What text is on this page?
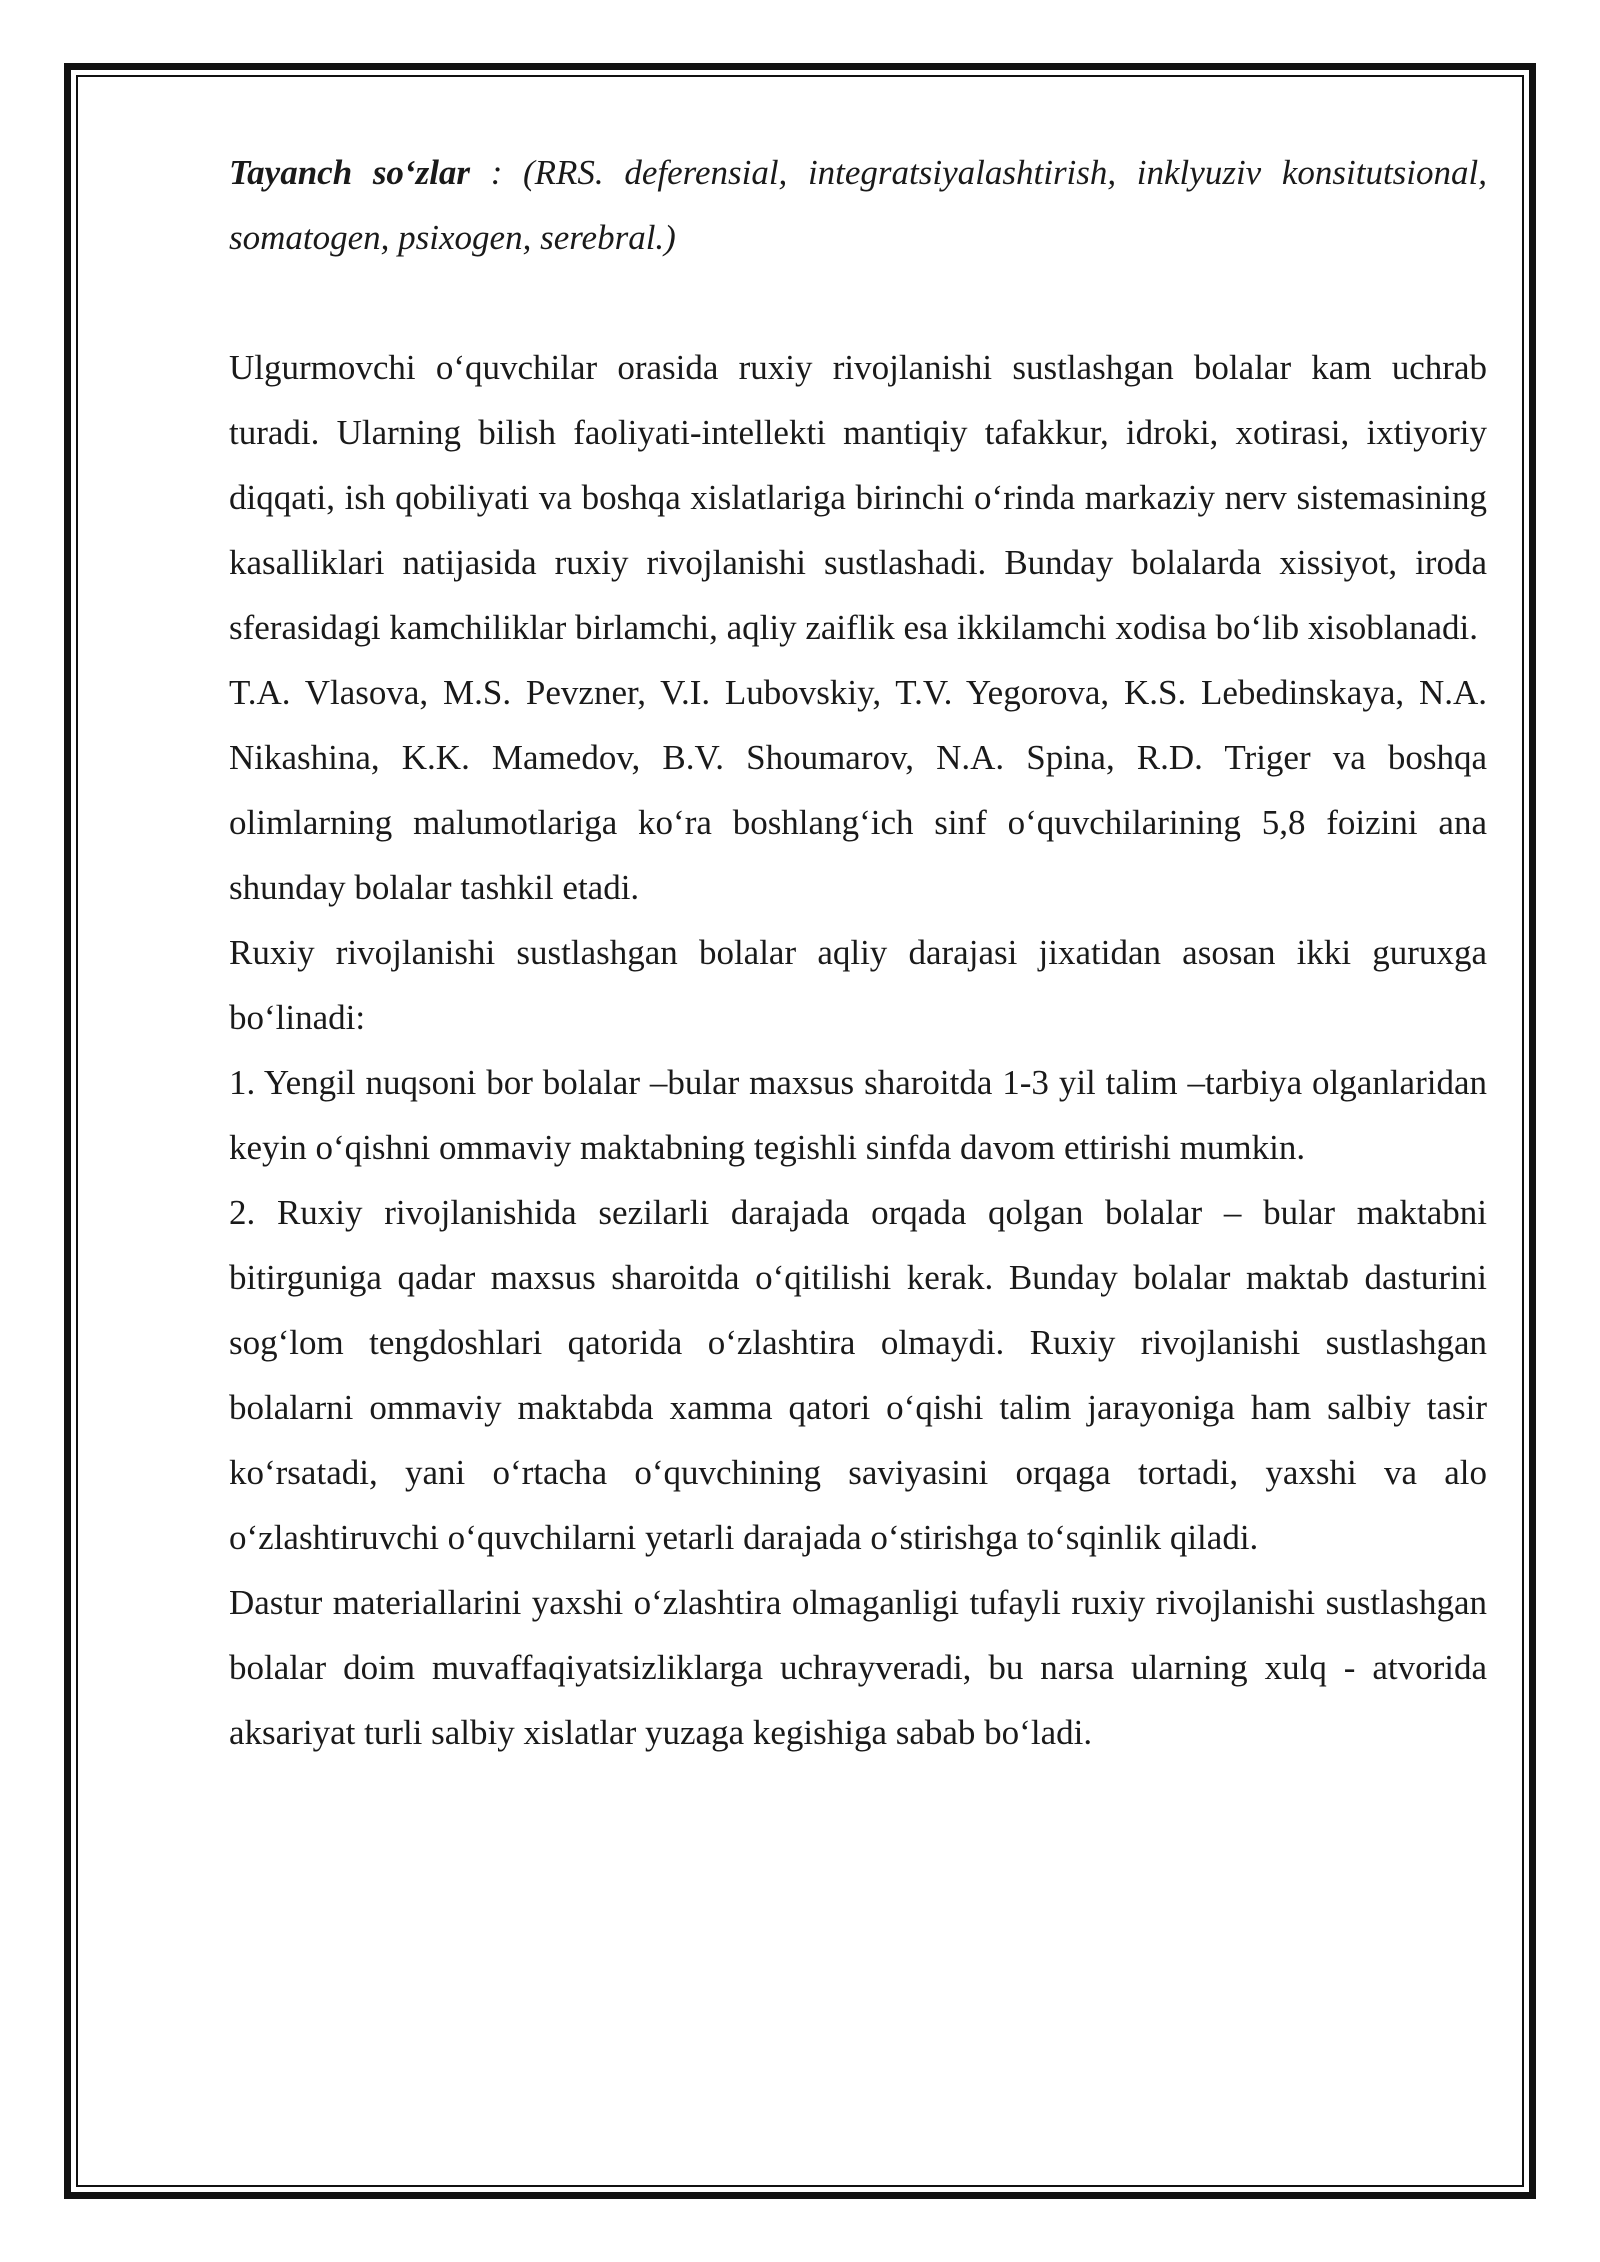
Tayanch so‘zlar : (RRS. deferensial, integratsiyalashtirish, inklyuziv konsitutsional, somatogen, psixogen, serebral.)

Ulgurmovchi o‘quvchilar orasida ruxiy rivojlanishi sustlashgan bolalar kam uchrab turadi. Ularning bilish faoliyati-intellekti mantiqiy tafakkur, idroki, xotirasi, ixtiyoriy diqqati, ish qobiliyati va boshqa xislatlariga birinchi o‘rinda markaziy nerv sistemasining kasalliklari natijasida ruxiy rivojlanishi sustlashadi. Bunday bolalarda xissiyot, iroda sferasidagi kamchiliklar birlamchi, aqliy zaiflik esa ikkilamchi xodisa bo‘lib xisoblanadi.

T.A. Vlasova, M.S. Pevzner, V.I. Lubovskiy, T.V. Yegorova, K.S. Lebedinskaya, N.A. Nikashina, K.K. Mamedov, B.V. Shoumarov, N.A. Spina, R.D. Triger va boshqa olimlarning malumotlariga ko‘ra boshlang‘ich sinf o‘quvchilarining 5,8 foizini ana shunday bolalar tashkil etadi.

Ruxiy rivojlanishi sustlashgan bolalar aqliy darajasi jixatidan asosan ikki guruxga bo‘linadi:

1. Yengil nuqsoni bor bolalar –bular maxsus sharoitda 1-3 yil talim –tarbiya olganlaridan keyin o‘qishni ommaviy maktabning tegishli sinfda davom ettirishi mumkin.

2. Ruxiy rivojlanishida sezilarli darajada orqada qolgan bolalar – bular maktabni bitirguniga qadar maxsus sharoitda o‘qitilishi kerak. Bunday bolalar maktab dasturini sog‘lom tengdoshlari qatorida o‘zlashtira olmaydi. Ruxiy rivojlanishi sustlashgan bolalarni ommaviy maktabda xamma qatori o‘qishi talim jarayoniga ham salbiy tasir ko‘rsatadi, yani o‘rtacha o‘quvchining saviyasini orqaga tortadi, yaxshi va alo o‘zlashtiruvchi o‘quvchilarni yetarli darajada o‘stirishga to‘sqinlik qiladi.

Dastur materiallarini yaxshi o‘zlashtira olmaganligi tufayli ruxiy rivojlanishi sustlashgan bolalar doim muvaffaqiyatsizliklarga uchrayveradi, bu narsa ularning xulq - atvorida aksariyat turli salbiy xislatlar yuzaga kegishiga sabab bo‘ladi.
